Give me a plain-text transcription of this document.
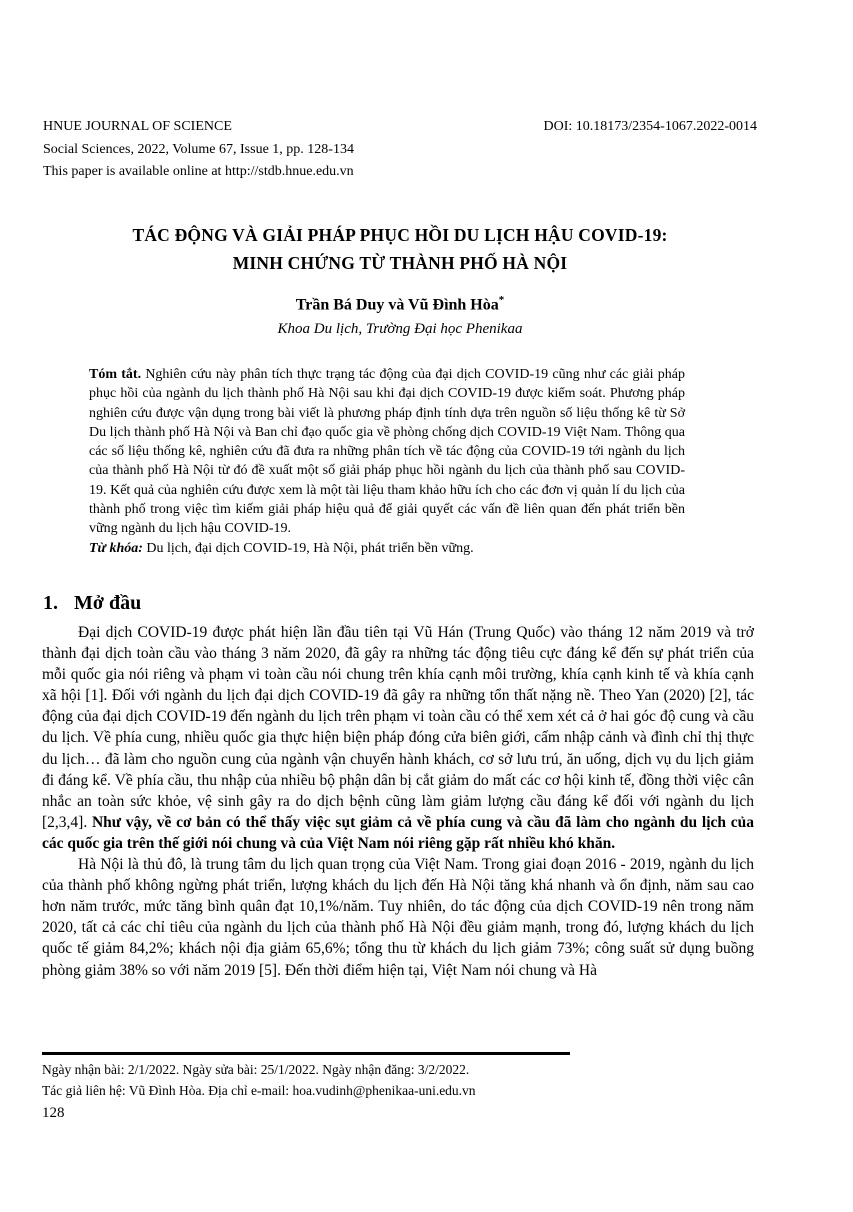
HNUE JOURNAL OF SCIENCE	DOI: 10.18173/2354-1067.2022-0014
Social Sciences, 2022, Volume 67, Issue 1, pp. 128-134
This paper is available online at http://stdb.hnue.edu.vn
TÁC ĐỘNG VÀ GIẢI PHÁP PHỤC HỒI DU LỊCH HẬU COVID-19:
MINH CHỨNG TỪ THÀNH PHỐ HÀ NỘI
Trần Bá Duy và Vũ Đình Hòa*
Khoa Du lịch, Trường Đại học Phenikaa

Tóm tắt. Nghiên cứu này phân tích thực trạng tác động của đại dịch COVID-19 cũng như các giải pháp phục hồi của ngành du lịch thành phố Hà Nội sau khi đại dịch COVID-19 được kiểm soát. Phương pháp nghiên cứu được vận dụng trong bài viết là phương pháp định tính dựa trên nguồn số liệu thống kê từ Sở Du lịch thành phố Hà Nội và Ban chỉ đạo quốc gia về phòng chống dịch COVID-19 Việt Nam. Thông qua các số liệu thống kê, nghiên cứu đã đưa ra những phân tích về tác động của COVID-19 tới ngành du lịch của thành phố Hà Nội từ đó đề xuất một số giải pháp phục hồi ngành du lịch của thành phố sau COVID-19. Kết quả của nghiên cứu được xem là một tài liệu tham khảo hữu ích cho các đơn vị quản lí du lịch của thành phố trong việc tìm kiếm giải pháp hiệu quả để giải quyết các vấn đề liên quan đến phát triển bền vững ngành du lịch hậu COVID-19.

Từ khóa: Du lịch, đại dịch COVID-19, Hà Nội, phát triển bền vững.

1. Mở đầu

Đại dịch COVID-19 được phát hiện lần đầu tiên tại Vũ Hán (Trung Quốc) vào tháng 12 năm 2019 và trở thành đại dịch toàn cầu vào tháng 3 năm 2020, đã gây ra những tác động tiêu cực đáng kể đến sự phát triển của mỗi quốc gia nói riêng và phạm vi toàn cầu nói chung trên khía cạnh môi trường, khía cạnh kinh tế và khía cạnh xã hội [1]. Đối với ngành du lịch đại dịch COVID-19 đã gây ra những tổn thất nặng nề. Theo Yan (2020) [2], tác động của đại dịch COVID-19 đến ngành du lịch trên phạm vi toàn cầu có thể xem xét cả ở hai góc độ cung và cầu du lịch. Về phía cung, nhiều quốc gia thực hiện biện pháp đóng cửa biên giới, cấm nhập cảnh và đình chỉ thị thực du lịch… đã làm cho nguồn cung của ngành vận chuyển hành khách, cơ sở lưu trú, ăn uống, dịch vụ du lịch giảm đi đáng kể. Về phía cầu, thu nhập của nhiều bộ phận dân bị cắt giảm do mất các cơ hội kinh tế, đồng thời việc cân nhắc an toàn sức khỏe, vệ sinh gây ra do dịch bệnh cũng làm giảm lượng cầu đáng kể đối với ngành du lịch [2,3,4]. Như vậy, về cơ bản có thể thấy việc sụt giảm cả về phía cung và cầu đã làm cho ngành du lịch của các quốc gia trên thế giới nói chung và của Việt Nam nói riêng gặp rất nhiều khó khăn.

Hà Nội là thủ đô, là trung tâm du lịch quan trọng của Việt Nam. Trong giai đoạn 2016 - 2019, ngành du lịch của thành phố không ngừng phát triển, lượng khách du lịch đến Hà Nội tăng khá nhanh và ổn định, năm sau cao hơn năm trước, mức tăng bình quân đạt 10,1%/năm. Tuy nhiên, do tác động của dịch COVID-19 nên trong năm 2020, tất cả các chỉ tiêu của ngành du lịch của thành phố Hà Nội đều giảm mạnh, trong đó, lượng khách du lịch quốc tế giảm 84,2%; khách nội địa giảm 65,6%; tổng thu từ khách du lịch giảm 73%; công suất sử dụng buồng phòng giảm 38% so với năm 2019 [5]. Đến thời điểm hiện tại, Việt Nam nói chung và Hà

Ngày nhận bài: 2/1/2022. Ngày sửa bài: 25/1/2022. Ngày nhận đăng: 3/2/2022.
Tác giả liên hệ: Vũ Đình Hòa. Địa chỉ e-mail: hoa.vudinh@phenikaa-uni.edu.vn
128
